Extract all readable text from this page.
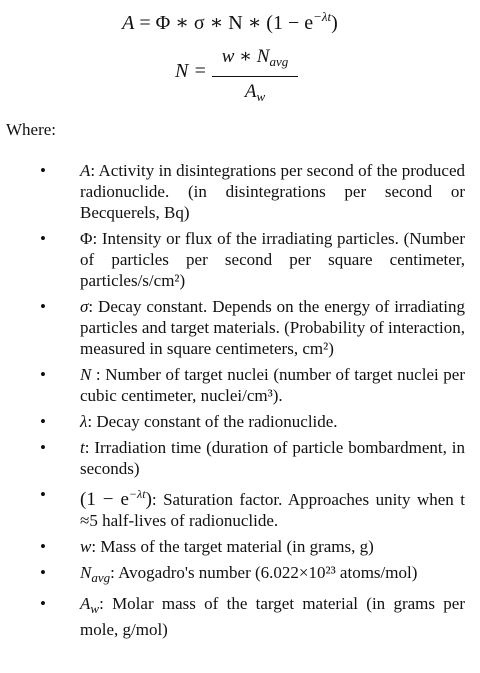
A = Φ ∗ σ ∗ N ∗ $(1 - e^{-\lambda t})$
N =
w ∗ $N_{avg}$
$A_w$
Where:
• A: Activity in disintegrations per second of the produced radionuclide. (in disintegrations per second or Becquerels, Bq)
• Φ: Intensity or flux of the irradiating particles. (Number of particles per second per square centimeter, particles/s/cm²)
• σ: Decay constant. Depends on the energy of irradiating particles and target materials. (Probability of interaction, measured in square centimeters, cm²)
• N : Number of target nuclei (number of target nuclei per cubic centimeter, nuclei/cm³).
• λ: Decay constant of the radionuclide.
• t: Irradiation time (duration of particle bombardment, in seconds)
• $(1 - e^{-\lambda t})$: Saturation factor. Approaches unity when t ≈5 half-lives of radionuclide.
• w: Mass of the target material (in grams, g)
• $N_{avg}$: Avogadro's number (6.022×10²³ atoms/mol)
• $A_w$: Molar mass of the target material (in grams per mole, g/mol)
